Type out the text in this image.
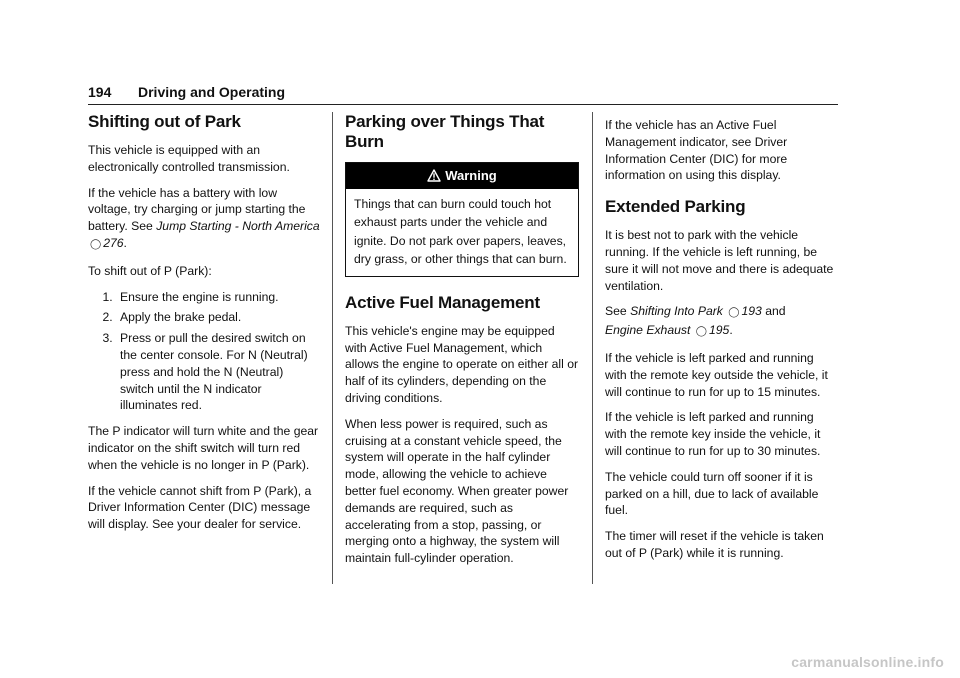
194 Driving and Operating
Shifting out of Park

This vehicle is equipped with an electronically controlled transmission.

If the vehicle has a battery with low voltage, try charging or jump starting the battery. See Jump Starting - North America
◯ 276.

To shift out of P (Park):

1. Ensure the engine is running.
2. Apply the brake pedal.
3. Press or pull the desired switch on the center console. For N (Neutral) press and hold the N (Neutral) switch until the N indicator illuminates red.

The P indicator will turn white and the gear indicator on the shift switch will turn red when the vehicle is no longer in P (Park).

If the vehicle cannot shift from P (Park), a Driver Information Center (DIC) message will display. See your dealer for service.

Parking over Things That Burn
Warning
Things that can burn could touch hot exhaust parts under the vehicle and ignite. Do not park over papers, leaves, dry grass, or other things that can burn.
Active Fuel Management

This vehicle's engine may be equipped with Active Fuel Management, which allows the engine to operate on either all or half of its cylinders, depending on the driving conditions.

When less power is required, such as cruising at a constant vehicle speed, the system will operate in the half cylinder mode, allowing the vehicle to achieve better fuel economy. When greater power demands are required, such as accelerating from a stop, passing, or merging onto a highway, the system will maintain full-cylinder operation.

If the vehicle has an Active Fuel Management indicator, see Driver Information Center (DIC) for more information on using this display.

Extended Parking

It is best not to park with the vehicle running. If the vehicle is left running, be sure it will not move and there is adequate ventilation.

See Shifting Into Park ◯ 193 and
Engine Exhaust ◯ 195.

If the vehicle is left parked and running with the remote key outside the vehicle, it will continue to run for up to 15 minutes.

If the vehicle is left parked and running with the remote key inside the vehicle, it will continue to run for up to 30 minutes.

The vehicle could turn off sooner if it is parked on a hill, due to lack of available fuel.

The timer will reset if the vehicle is taken out of P (Park) while it is running.

carmanualsonline.info
